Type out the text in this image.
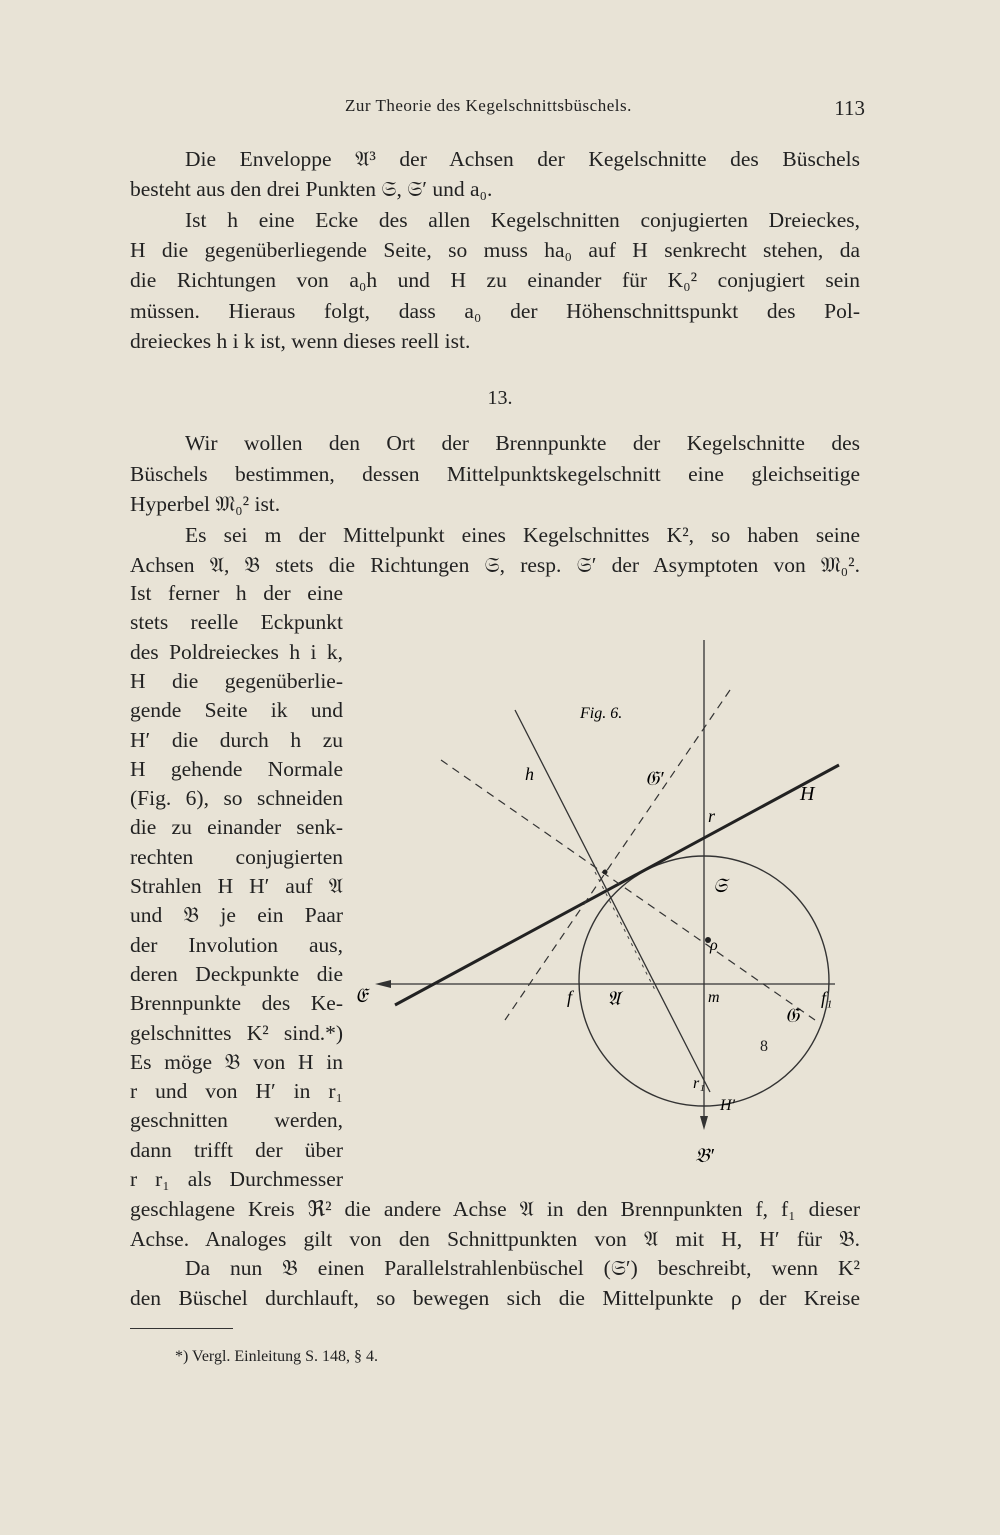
Zur Theorie des Kegelschnittsbüschels.	113
Die Enveloppe 𝔄³ der Achsen der Kegelschnitte des Büschels
besteht aus den drei Punkten 𝔖, 𝔖′ und a₀.
Ist h eine Ecke des allen Kegelschnitten conjugierten Dreieckes,
H die gegenüberliegende Seite, so muss ha₀ auf H senkrecht stehen, da
die Richtungen von a₀h und H zu einander für K₀² conjugiert sein
müssen. Hieraus folgt, dass a₀ der Höhenschnittspunkt des Pol-
dreieckes h i k ist, wenn dieses reell ist.
13.
Wir wollen den Ort der Brennpunkte der Kegelschnitte des
Büschels bestimmen, dessen Mittelpunktskegelschnitt eine gleichseitige
Hyperbel 𝔐₀² ist.
Es sei m der Mittelpunkt eines Kegelschnittes K², so haben seine
Achsen 𝔄, 𝔅 stets die Richtungen 𝔖, resp. 𝔖′ der Asymptoten von 𝔐₀².
Ist ferner h der eine
stets reelle Eckpunkt
des Poldreieckes h i k,
H die gegenüberlie-
gende Seite ik und
H′ die durch h zu
H gehende Normale
(Fig. 6), so schneiden
die zu einander senk-
rechten conjugierten
Strahlen H H′ auf 𝔄
und 𝔅 je ein Paar
der Involution aus,
deren Deckpunkte die
Brennpunkte des Ke-
gelschnittes K² sind.*)
Es möge 𝔅 von H in
r und von H′ in r₁
geschnitten werden,
dann trifft der über
r r₁ als Durchmesser
geschlagene Kreis ℜ² die andere Achse 𝔄 in den Brennpunkten f, f₁ dieser
Achse. Analoges gilt von den Schnittpunkten von 𝔄 mit H, H′ für 𝔅.
Da nun 𝔅 einen Parallelstrahlenbüschel (𝔖′) beschreibt, wenn K²
den Büschel durchlauft, so bewegen sich die Mittelpunkte ρ der Kreise
Fig. 6.
h	𝔊′
H
r
𝔖
ρ
𝔈	f 𝔄	m
𝔊
f₁
r₁
H′
𝔅′
*) Vergl. Einleitung S. 148, § 4.
8
